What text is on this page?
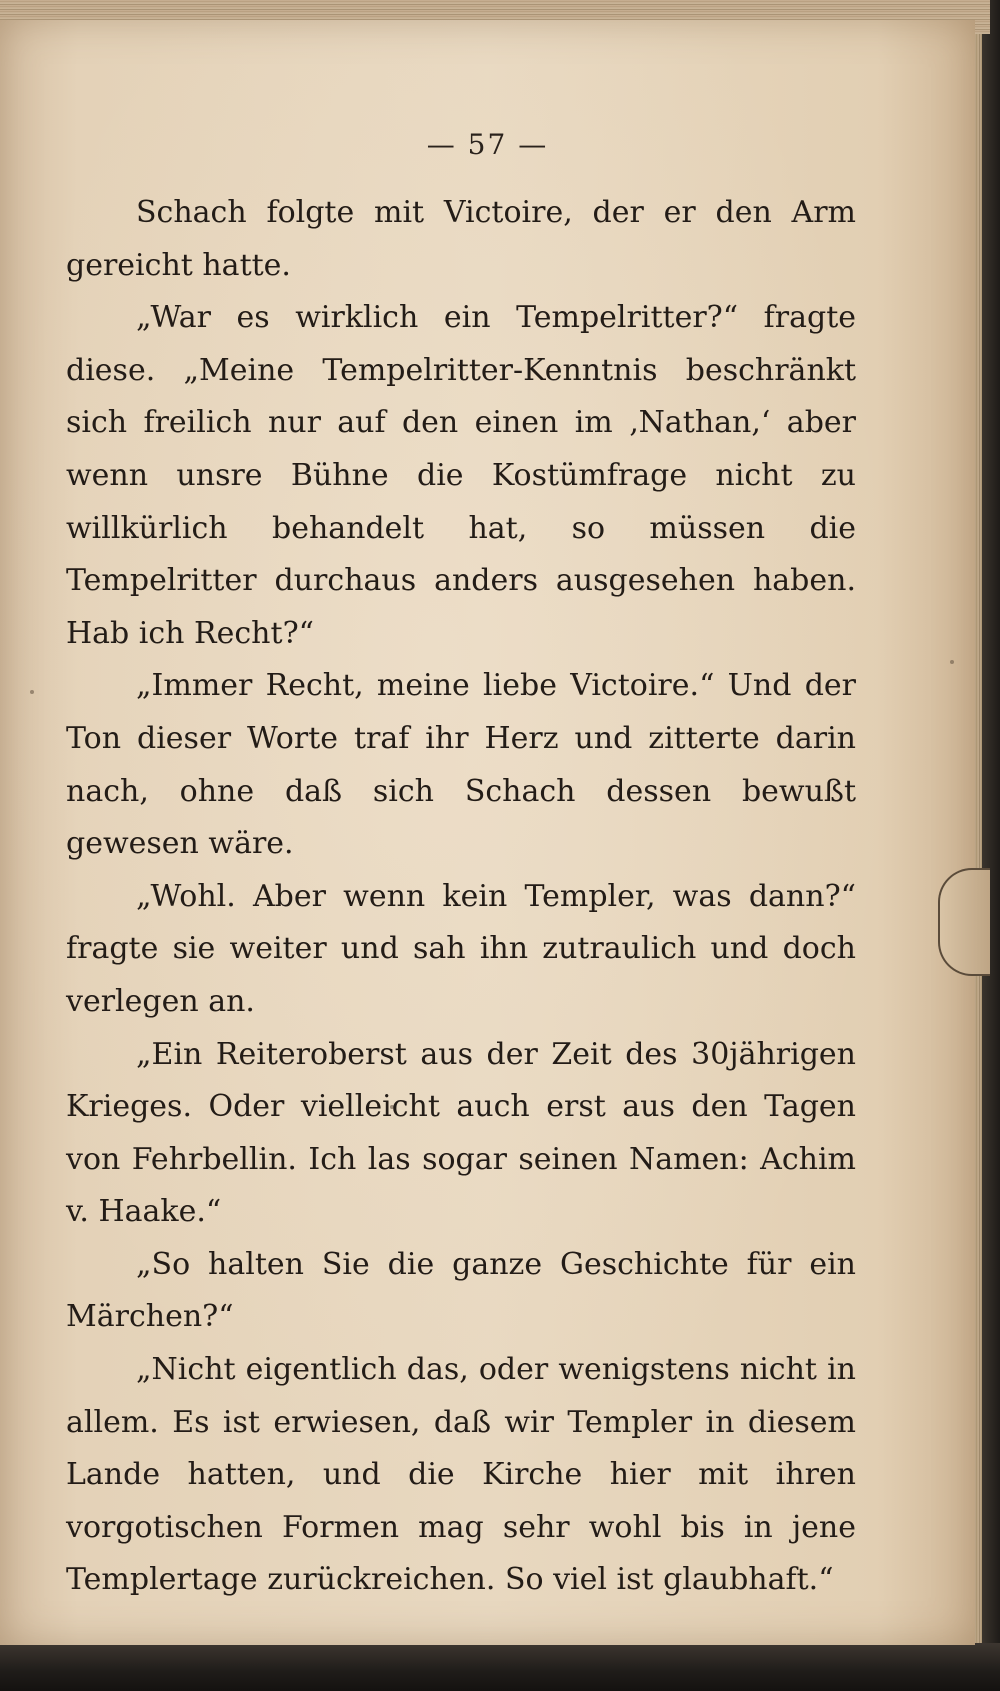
— 57 —

Schach folgte mit Victoire, der er den Arm gereicht hatte.

„War es wirklich ein Tempelritter?“ fragte diese. „Meine Tempelritter-Kenntnis beschränkt sich freilich nur auf den einen im ‚Nathan,‘ aber wenn unsre Bühne die Kostümfrage nicht zu willkürlich behandelt hat, so müssen die Tempelritter durchaus anders ausgesehen haben. Hab ich Recht?“

„Immer Recht, meine liebe Victoire.“ Und der Ton dieser Worte traf ihr Herz und zitterte darin nach, ohne daß sich Schach dessen bewußt gewesen wäre.

„Wohl. Aber wenn kein Templer, was dann?“ fragte sie weiter und sah ihn zutraulich und doch verlegen an.

„Ein Reiteroberst aus der Zeit des 30jährigen Krieges. Oder vielleicht auch erst aus den Tagen von Fehrbellin. Ich las sogar seinen Namen: Achim v. Haake.“

„So halten Sie die ganze Geschichte für ein Märchen?“

„Nicht eigentlich das, oder wenigstens nicht in allem. Es ist erwiesen, daß wir Templer in diesem Lande hatten, und die Kirche hier mit ihren vorgotischen Formen mag sehr wohl bis in jene Templertage zurückreichen. So viel ist glaubhaft.“
